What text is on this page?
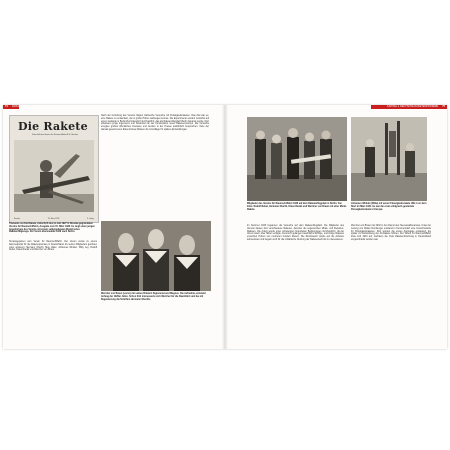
74 1928-1933
Die Rakete
Zeitschrift des Vereins für Raumschiffahrt E.V., Breslau
Breslau	15. März 1928	3. Jahrg.
Titelseite von Die Rakete, Zeitschrift des im Juli 1927 in Breslau gegründeten Vereins für Raumschiffahrt, Ausgabe vom 15. März 1928. Es zeigt einen jungen Angehörigen des Vereins mit einem selbstgebauten Modell eines Raketenflugzeugs. Der Verein übersiedelte 1929 nach Berlin.
Herausgegeben vom Verein für Raumschiffahrt. Der Verein wurde zu einem Sammelpunkt für die Raketenpioniere in Deutschland. Zu seinen Mitgliedern gehörten unter anderem Hermann Oberth, Max Valier, Johannes Winkler, Willy Ley, Rudolf Nebel, Klaus Riedel und Wernher von Braun.
Nach der Gründung des Vereins folgten zahlreiche Versuche mit Flüssigkeitsraketen. Das Ziel war es, eine Rakete zu entwickeln, die in große Höhen aufsteigen konnte. Die Experimente wurden zunächst auf einem Gelände in Berlin-Reinickendorf durchgeführt, das als Raketenflugplatz Berlin bekannt wurde. Dort arbeiteten junge Ingenieure und Studenten an der Konstruktion neuer Raketenmotoren. Die Versuche erregten großes öffentliches Interesse und wurden in der Presse ausführlich besprochen. Viele der damals gewonnenen Erkenntnisse bildeten die Grundlage für spätere Entwicklungen.
Wernher von Braun (vorne) mit seinen Brüdern Sigismund und Magnus. Die Aufnahme entstand Anfang der 1920er Jahre. Schon früh interessierte sich Wernher für die Raumfahrt und las mit Begeisterung die Schriften Hermann Oberths.
KAPITEL 1 DEUTSCHE RAKETENPIONIERE 75
Mitglieder des Vereins für Raumschiffahrt 1930 auf dem Raketenflugplatz in Berlin. Von links: Rudolf Nebel, Hermann Oberth, Klaus Riedel und Wernher von Braun mit einer Mirak-Rakete.
Johannes Winkler (Mitte) mit seiner Flüssigkeitsrakete HW-1 vor dem Start im März 1931. Es war die erste erfolgreich gestartete Flüssigkeitsrakete in Europa.
Im Sommer 1930 begannen die Versuche auf dem Raketenflugplatz. Die Mitglieder des Vereins bauten dort verschiedene Raketen, darunter die sogenannten Mirak- und Repulsor-Raketen. Die Arbeit wurde unter schwierigen finanziellen Bedingungen durchgeführt, da der Verein kaum über Mittel verfügte. Dennoch gelangen beachtliche Erfolge, und einige Raketen erreichten Höhen von mehreren hundert Metern. Die Reichswehr wurde auf die Arbeiten aufmerksam und begann sich für die militärische Nutzung der Raketentechnik zu interessieren.
Wernher von Braun trat 1932 in den Dienst des Heereswaffenamtes. Unter der Leitung von Walter Dornberger entstand in Kummersdorf eine Versuchsstelle für Flüssigkeitsraketen. Dort wurden die ersten Aggregate entwickelt, die später zur Entwicklung der A4-Rakete führten. Der Verein für Raumschiffahrt löste sich 1934 auf, nachdem die zivile Raketenforschung in Deutschland eingeschränkt worden war.
